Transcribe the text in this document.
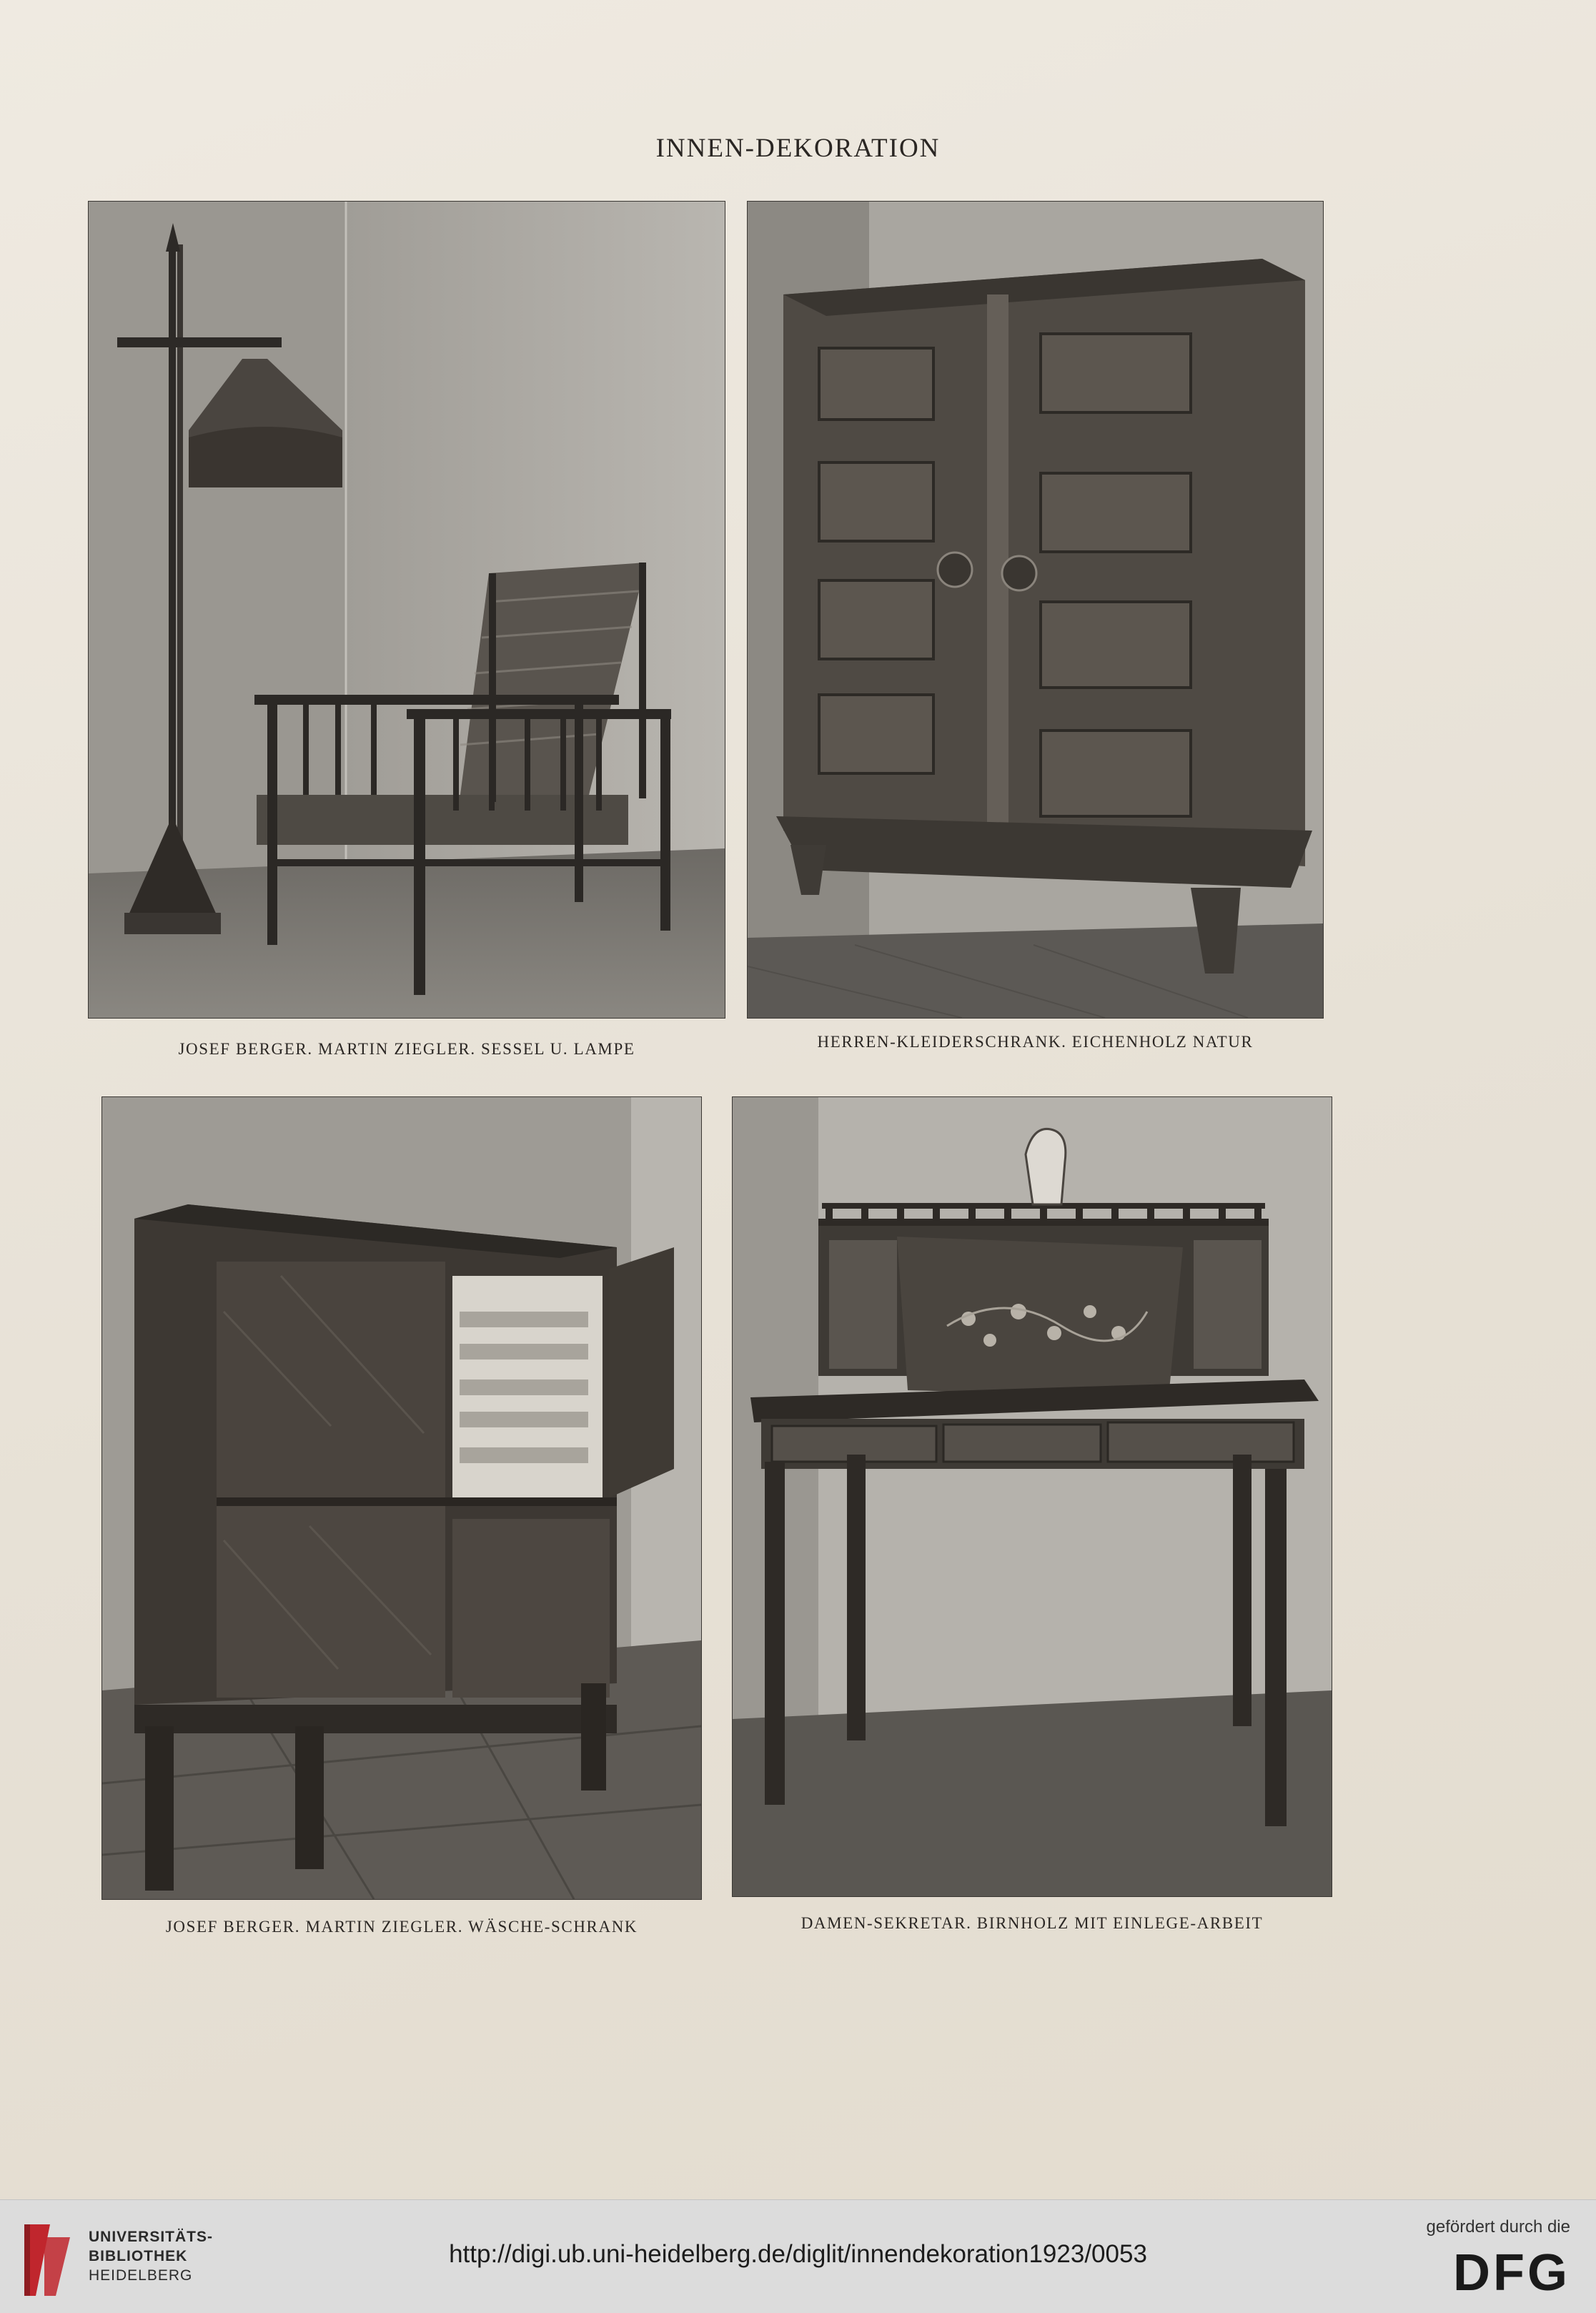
INNEN-DEKORATION
JOSEF BERGER. MARTIN ZIEGLER. SESSEL U. LAMPE	HERREN-KLEIDERSCHRANK. EICHENHOLZ NATUR
JOSEF BERGER. MARTIN ZIEGLER. WÄSCHE-SCHRANK	DAMEN-SEKRETAR. BIRNHOLZ MIT EINLEGE-ARBEIT
UNIVERSITÄTS-
BIBLIOTHEK
HEIDELBERG
http://digi.ub.uni-heidelberg.de/diglit/innendekoration1923/0053
gefördert durch die
DFG
